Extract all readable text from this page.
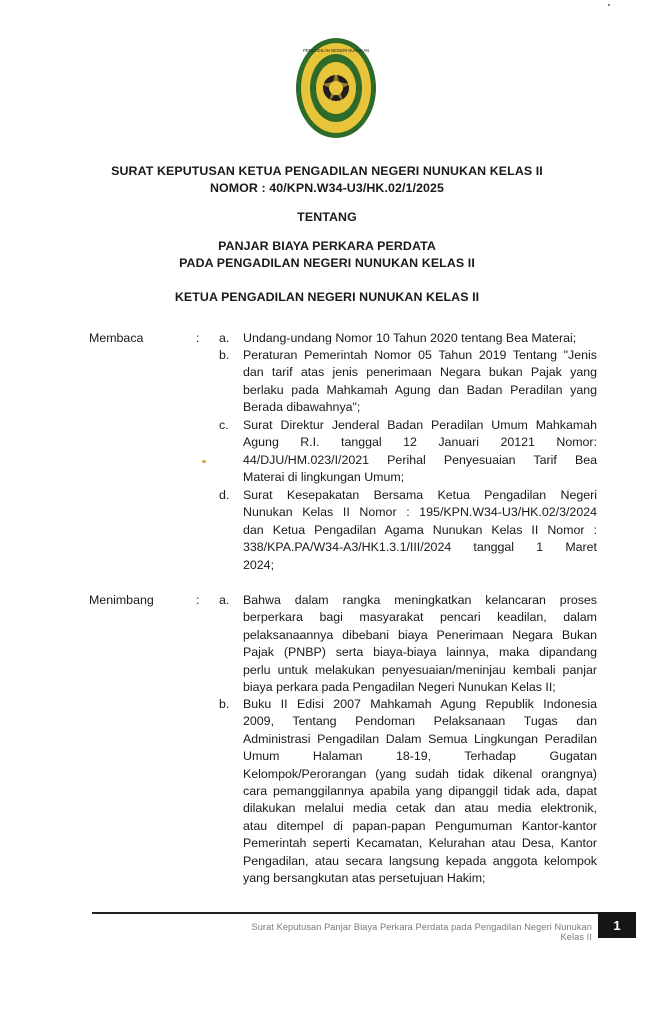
PENGADILAN NEGERI NUNUKAN
SURAT KEPUTUSAN KETUA PENGADILAN NEGERI NUNUKAN KELAS II
NOMOR : 40/KPN.W34-U3/HK.02/1/2025
TENTANG
PANJAR BIAYA PERKARA PERDATA
PADA PENGADILAN NEGERI NUNUKAN KELAS II
KETUA PENGADILAN NEGERI NUNUKAN KELAS II
Membaca	: a. Undang-undang Nomor 10 Tahun 2020 tentang Bea Materai;
b. Peraturan Pemerintah Nomor 05 Tahun 2019 Tentang "Jenis
dan tarif atas jenis penerimaan Negara bukan Pajak yang
berlaku pada Mahkamah Agung dan Badan Peradilan yang
Berada dibawahnya";
c. Surat Direktur Jenderal Badan Peradilan Umum Mahkamah
Agung R.I. tanggal 12 Januari 20121 Nomor:
44/DJU/HM.023/I/2021 Perihal Penyesuaian Tarif Bea
Materai di lingkungan Umum;
d. Surat Kesepakatan Bersama Ketua Pengadilan Negeri
Nunukan Kelas II Nomor : 195/KPN.W34-U3/HK.02/3/2024
dan Ketua Pengadilan Agama Nunukan Kelas II Nomor :
338/KPA.PA/W34-A3/HK1.3.1/III/2024 tanggal 1 Maret
2024;
Menimbang	: a. Bahwa dalam rangka meningkatkan kelancaran proses
berperkara bagi masyarakat pencari keadilan, dalam
pelaksanaannya dibebani biaya Penerimaan Negara Bukan
Pajak (PNBP) serta biaya-biaya lainnya, maka dipandang
perlu untuk melakukan penyesuaian/meninjau kembali panjar
biaya perkara pada Pengadilan Negeri Nunukan Kelas II;
b. Buku II Edisi 2007 Mahkamah Agung Republik Indonesia
2009, Tentang Pendoman Pelaksanaan Tugas dan
Administrasi Pengadilan Dalam Semua Lingkungan Peradilan
Umum Halaman 18-19, Terhadap Gugatan
Kelompok/Perorangan (yang sudah tidak dikenal orangnya)
cara pemanggilannya apabila yang dipanggil tidak ada, dapat
dilakukan melalui media cetak dan atau media elektronik,
atau ditempel di papan-papan Pengumuman Kantor-kantor
Pemerintah seperti Kecamatan, Kelurahan atau Desa, Kantor
Pengadilan, atau secara langsung kepada anggota kelompok
yang bersangkutan atas persetujuan Hakim;
Surat Keputusan Panjar Biaya Perkara Perdata pada Pengadilan Negeri Nunukan Kelas II
1
